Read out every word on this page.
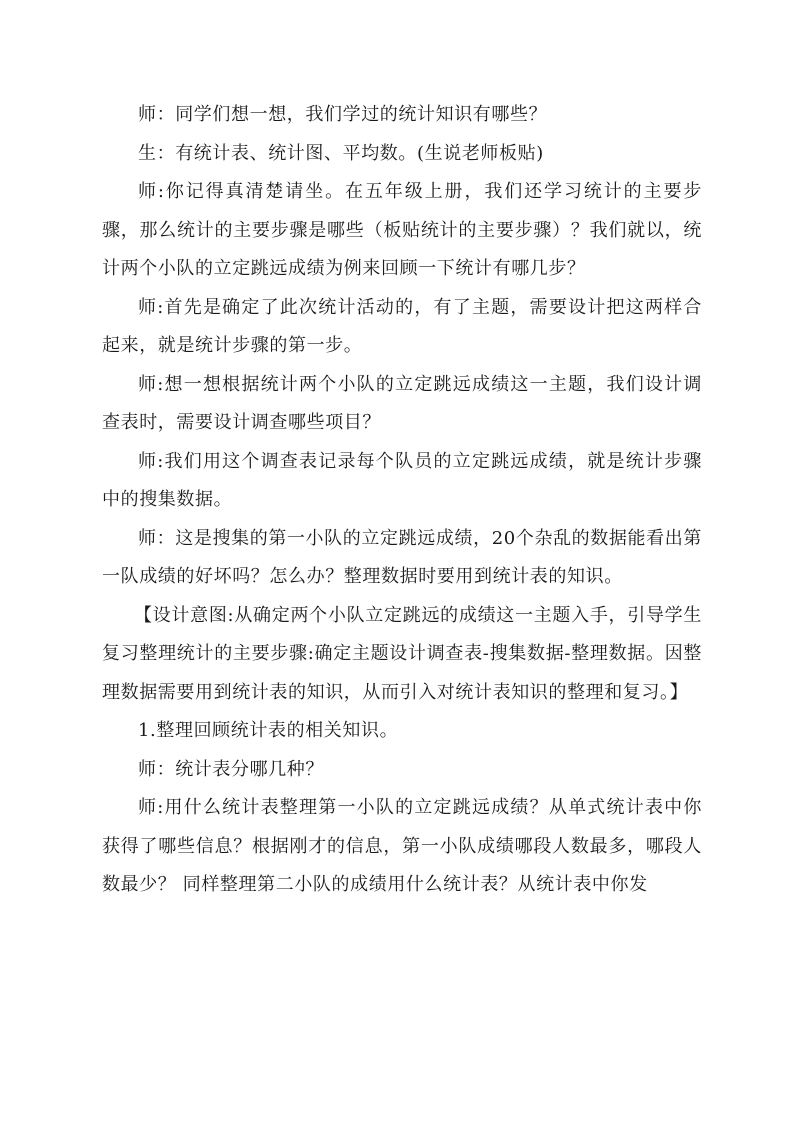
师：同学们想一想，我们学过的统计知识有哪些？

生：有统计表、统计图、平均数。(生说老师板贴)

师:你记得真清楚请坐。在五年级上册，我们还学习统计的主要步骤，那么统计的主要步骤是哪些（板贴统计的主要步骤）？我们就以，统计两个小队的立定跳远成绩为例来回顾一下统计有哪几步？

师:首先是确定了此次统计活动的，有了主题，需要设计把这两样合起来，就是统计步骤的第一步。

师:想一想根据统计两个小队的立定跳远成绩这一主题，我们设计调查表时，需要设计调查哪些项目？

师:我们用这个调查表记录每个队员的立定跳远成绩，就是统计步骤中的搜集数据。

师：这是搜集的第一小队的立定跳远成绩，20个杂乱的数据能看出第一队成绩的好坏吗？怎么办？整理数据时要用到统计表的知识。

【设计意图:从确定两个小队立定跳远的成绩这一主题入手，引导学生复习整理统计的主要步骤:确定主题设计调查表-搜集数据-整理数据。因整理数据需要用到统计表的知识，从而引入对统计表知识的整理和复习。】

1.整理回顾统计表的相关知识。

师：统计表分哪几种？

师:用什么统计表整理第一小队的立定跳远成绩？从单式统计表中你获得了哪些信息？根据刚才的信息，第一小队成绩哪段人数最多，哪段人数最少？ 同样整理第二小队的成绩用什么统计表？从统计表中你发
